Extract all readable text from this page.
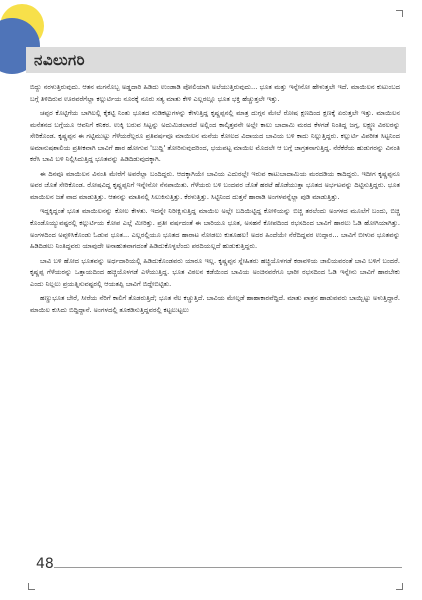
ನವಿಲುಗರಿ

ಬಿದ್ದು ನರಳುತ್ತಿರುವುದು. ಆತನ ಮಗನೊಬ್ಬ ಅಡ್ಡದಾರಿ ಹಿಡಿದು ಉಂಡಾಡಿ ಪೋಲಿಯಾಗಿ ಅಲೆಯುತ್ತಿರುವುದು... ಭೂತ ಮತ್ತು ಇನ್ನೇನೋ ಹೇಳುತ್ತಲೇ ಇದೆ. ಮಾಯಿಲನ ಕುಟುಂಬದ ಬಗ್ಗೆ ತಿಳಿದಿರುವ ಊರವರೆಗೆಲ್ಲಾ ಕಲ್ಲುರ್ಟಿಯ ನೂರಕ್ಕೆ ನೂರು ಸತ್ಯ ಮಾತು ಕೇಳಿ ಎಲ್ಲರಲ್ಲೂ ಭೂತ ಭಕ್ತಿ ಹೆಚ್ಚುತ್ತಲೇ ಇತ್ತು.

ಚಪ್ಪರ ಕೊಟ್ಟಿಗೆಯ ಬಾಗಿಲಲ್ಲಿ ಕೈಕಟ್ಟಿ ನಿಂತು ಭೂತದ ನುಡಿಕಟ್ಟುಗಳನ್ನು ಕೇಳುತ್ತಿದ್ದ ಕೃಷ್ಣಪ್ಪನಲ್ಲಿ ಮಾತ್ರ ದುಗ್ಗನ ಮೇಲೆ ರೋಷ ಕ್ಷಣದಿಂದ ಕ್ಷಣಕ್ಕೆ ಏರುತ್ತಲೇ ಇತ್ತು. ಮಾಯಿಲನ ಮನೆತನದ ಬಗ್ಗೆಯೂ ಆವನಿಗೆ ಕನಿಕರ. ಉಕ್ಕಿ ಬರುವ ಸಿಟ್ಟನ್ನು ಅದುಮಿಡಲಾರದೆ ಅಲ್ಲಿಂದ ಕಾಲ್ಕಿತ್ತವನೇ ಅಲ್ಲೇ ಕಾಲು ಬಾದಾಮಿ ಮರದ ಕೆಳಗಡೆ ನಿಂತಿದ್ದ ಜಗ್ಗ, ಲಕ್ಷ್ಮಣ ವಿಠಲರನ್ನು ಸೇರಿಕೊಂಡ. ಕೃಷ್ಣಪ್ಪನ ಈ ಗಟ್ಟಿಮುಟ್ಟು ಗೆಳೆಯರೆಲ್ಲರೂ ಪ್ರತಿವರ್ಷವೂ ಮಾಯಿಲನ ಮನೆಯ ಕೋಲದ ವಿದಾಯದ ಬಾವಿಯ ಬಳಿ ಕಾದು ನಿಲ್ಲುತ್ತಿದ್ದರು. ಕಲ್ಲುರ್ಟಿ ವಿಪರೀತ ಸಿಟ್ಟನಿಂದ ಅಮಾನುಷಶಾಲಿಯ ಪ್ರತೀಕವಾಗಿ ಬಾವಿಗೆ ಹಾರ ಹೋಗುವ 'ಬುದ್ದಿ' ತೋರಿಸುವುದರಿಂದ, ಭಯಪಟ್ಟ ಮಾಯಿಲ ಮೊದಲೇ ಆ ಬಗ್ಗೆ ಜಾಗ್ರತನಾಗುತ್ತಿದ್ದ. ನೆರೆಕೆರೆಯ ಹುಡುಗರನ್ನು ವಿನಂತಿ ಕರೆಸಿ ಬಾವಿ ಬಳಿ ನಿಲ್ಲಿಸಿದುತ್ತಿದ್ದ ಭೂತವನ್ನು ಹಿಡಿದಿಡುವುದಕ್ಕಾಗಿ.

ಈ ದಿನವೂ ಮಾಯಿಲನ ವಿನಂತಿ ಮೇರೆಗೆ ಅವರೆಲ್ಲಾ ಬಂದಿದ್ದರು. ಆದಕ್ಕಾಗಿಯೇ ಬಾವಿಯ ಎದುರಲ್ಲೇ ಇರುವ ಕಾಟುಬಾದಾಮಿಯ ಮರದಡಿಯ ಕಾದಿದ್ದರು. ಇದೀಗ ಕೃಷ್ಣಪ್ಪನೂ ಅವರ ಜೊತೆ ಸೇರಿಕೊಂಡ. ರೋಷವಿದ್ದ ಕೃಷ್ಣಪ್ಪನಿಗೆ ಇನ್ನೇನೋ ನೆನಪಾಯಿತು. ಗೆಳೆಯರು ಬಳಿ ಬಂದವರ ಜೊತೆ ಹರಟೆ ಹೊಡೆಯುತ್ತಾ ಭೂತದ ಅರ್ಭಟವನ್ನು ದಿಟ್ಟಿಸುತ್ತಿದ್ದರು. ಭೂತ ಮಾಯಿಲನ ಜತೆ ವಾದ ಮಾಡುತ್ತಿತ್ತು. ಆತನನ್ನು ಮಾತಿನಲ್ಲಿ ಸಿಲುಕಿಸುತ್ತಿತ್ತು. ಕೆರಳುತ್ತಿತ್ತು. ಸಿಟ್ಟಿನಿಂದ ದುತ್ತನೆ ಹಾರಾಡಿ ಅಂಗಳವನ್ನೆಲ್ಲಾ ಪುಡಿ ಮಾಡುತ್ತಿತ್ತು.

ಇದ್ದಕ್ಕಿದ್ದಂತೆ ಭೂತ ಮಾಯಿಲನನ್ನು ಕೋಲ ಕೇಳತು. ಇದನ್ನೇ ನಿರೀಕ್ಷಿಸುತ್ತಿದ್ದ ಮಾಯಿಲ ಅಲ್ಲೇ ಬದಿಯಿಟ್ಟಿದ್ದ ಕೋಳಿಯನ್ನು ಬಿಚ್ಚಿ ತರಲೆಂದು ಅಂಗಳದ ಮೂಲೆಗೆ ಬಂದು, ಬಿಚ್ಚಿ ಕೊಂಡೊಯ್ಯುವಷ್ಟರಲ್ಲಿ ಕಲ್ಲುರ್ಟಿಯ ಕೋಪ ಎಲ್ಲೆ ಮೀರಿತ್ತು. ಪ್ರತೀ ವರ್ಷದಂತೆ ಈ ಬಾರಿಯೂ ಭೂತ, ಅಸಹನೆ ಕೋಪದಿಂದ ರಭಸದಿಂದ ಬಾವಿಗೆ ಹಾರಲು ಓಡಿ ಹೋಗಿಯಾಗಿತ್ತು. ಅಂಗಳದಿಂದ ಅಪ್ಪಳಿಸಿಕೊಂಡು ಓಡುವ ಭೂತ... ಎಲ್ಲರಲ್ಲಿಯೂ ಭೂತದ ಹಾರಾಟ ನೋಡಲು ಕುತೂಹಲ! ಅದರ ಹಿಂದೆಯೇ ನೆರೆದಿದ್ದವರ ಉದ್ಗಾರ... ಬಾವಿಗೆ ಬೀಳುವ ಭೂತವನ್ನು ಹಿಡಿದಿಡಲು ನಿಂತಿದ್ದವರು ಯಾವುದೇ ಅನಾಹುತವಾಗದಂತೆ ಹಿಡಿದುಕೊಳ್ಳಲೆಂದು ಪರದಿಯಲ್ಲದೆ ಹುಡುಕುತ್ತಿದ್ದರು.

ಬಾವಿ ಬಳಿ ಹೋದ ಭೂತವನ್ನು ಅರ್ಧದಾರಿಯಲ್ಲಿ ಹಿಡಿದುಕೊಂಡವರು ಯಾರೂ ಇಲ್ಲ. ಕೃಷ್ಣಪ್ಪನ ಸ್ನೇಹಿತರು ಹಚ್ಚಿಯೊಳಗಡೆ ಕರಾವಳಿಯ ಜಾಲಿಯವರಂತೆ ಬಾವಿ ಬಳಿಗೆ ಬಂದರೆ. ಕೃಷ್ಣಪ್ಪ ಗೆಳೆಯರನ್ನು ಒತ್ತಾಯದಿಂದ ಹಚ್ಚಿಯೊಳಗಡೆ ಎಳೆಯುತ್ತಿದ್ದ. ಭೂತ ವಿಠಲನ ಕಡೆಯಿಂದ ಬಾವಿಯ ಅಂಚಿನವರೆಗೂ ಭಾರೀ ರಭಸದಿಂದ ಓಡಿ ಇನ್ನೇನು ಬಾವಿಗೆ ಹಾರಬೇಕು ಎಂದು ನಿಲ್ಲಲು ಪ್ರಯತ್ನಿಸುವಷ್ಟರಲ್ಲಿ ಆಯತಪ್ಪಿ ಬಾವಿಗೆ ಬಿದ್ದೇಬಿಟ್ಟಿತು.

ಹಣ್ಣುಭೂತ ಬೇರೆ, ಸೀರೆಯ ನೆರಿಗೆ ಕಾಲಿಗೆ ತೊಡರುತ್ತಿದೆ; ಭೂತ ನೆಲ ಕಚ್ಚುತ್ತಿದೆ. ಬಾವಿಯ ಮೇಲ್ಗಡೆ ಹಾಹಾಕಾರವೆದ್ದಿದೆ. ಮಾತು ಪಾತ್ರನ ಹಾಡುವವರು ಬಾಯ್ಬಿಟ್ಟು ಅಳುತ್ತಿದ್ದಾರೆ. ಮಾಯಿಲ ಕುಸಿದು ಬಿದ್ದಿದ್ದಾನೆ. ಅಂಗಳದಲ್ಲಿ ತೂಕಡಿಸುತ್ತಿದ್ದವರಲ್ಲಿ ಕಟ್ಟಲುಟ್ಟಲು

48
